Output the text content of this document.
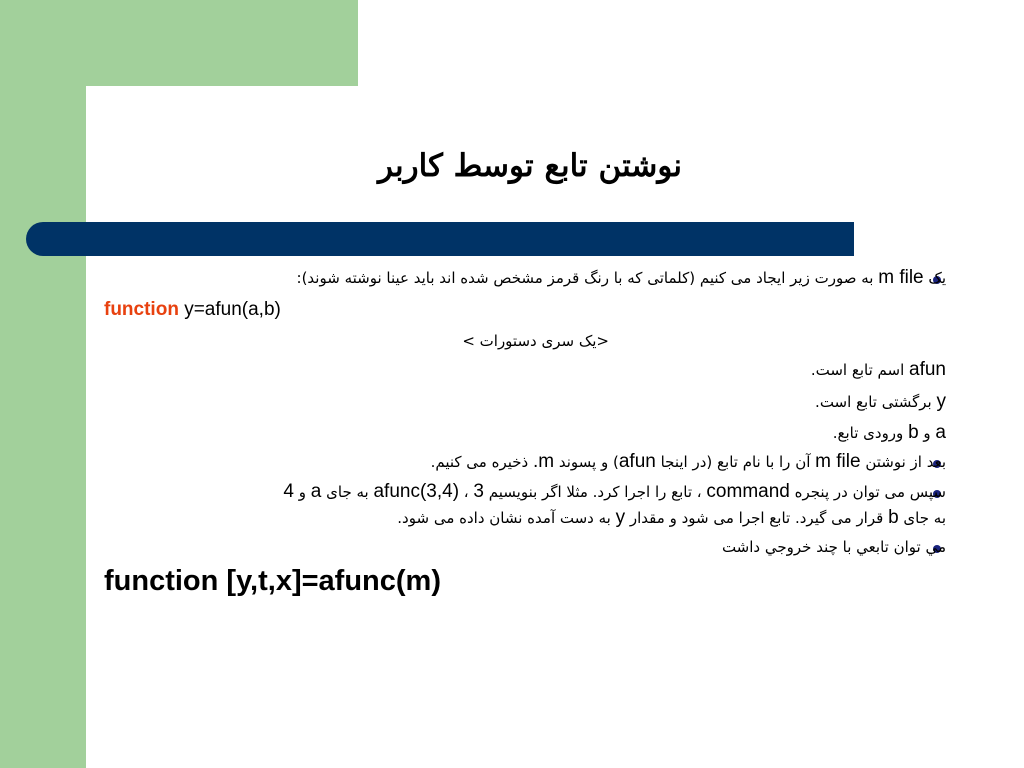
نوشتن تابع توسط کاربر
یک m file به صورت زیر ایجاد می کنیم (کلماتی که با رنگ قرمز مشخص شده اند باید عینا نوشته شوند):
function y=afun(a,b)
<یک سری دستورات >
afun اسم تابع است.
y برگشتی تابع است.
a و b ورودی تابع.
بعد از نوشتن m file آن را با نام تابع (در اینجا afun) و پسوند m. ذخیره می کنیم.
سپس می توان در پنجره command ، تابع را اجرا کرد. مثلا اگر بنویسیم afunc(3,4) ، 3 به جای a و 4
به جای b قرار می گیرد. تابع اجرا می شود و مقدار y به دست آمده نشان داده می شود.
مي توان تابعي با چند خروجي داشت
function [y,t,x]=afunc(m)
